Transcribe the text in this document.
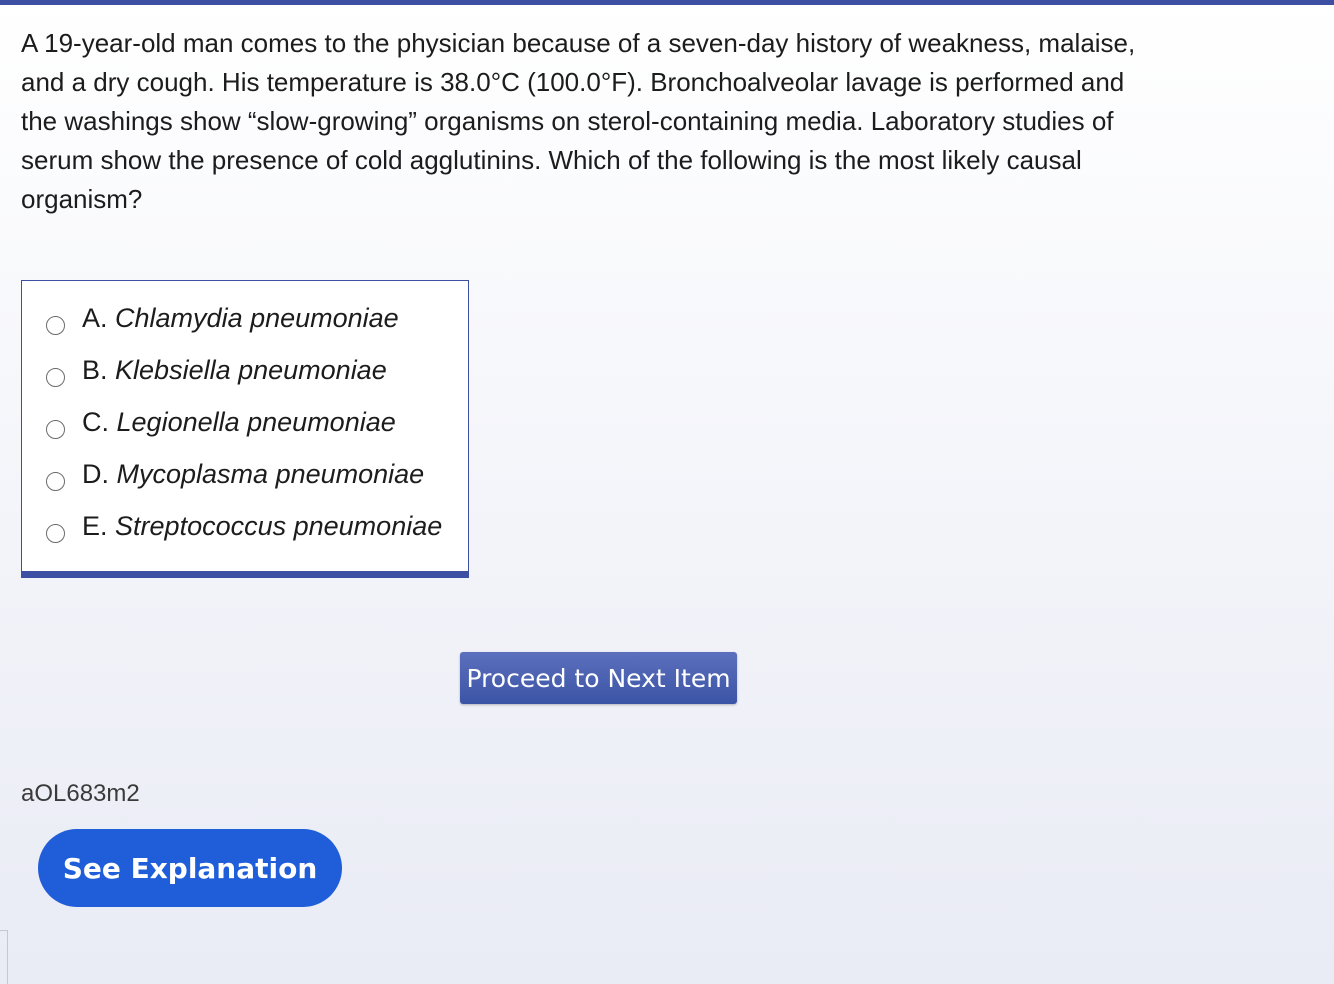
A 19-year-old man comes to the physician because of a seven-day history of weakness, malaise, and a dry cough. His temperature is 38.0°C (100.0°F). Bronchoalveolar lavage is performed and the washings show “slow-growing” organisms on sterol-containing media. Laboratory studies of serum show the presence of cold agglutinins. Which of the following is the most likely causal organism?

A. Chlamydia pneumoniae
B. Klebsiella pneumoniae
C. Legionella pneumoniae
D. Mycoplasma pneumoniae
E. Streptococcus pneumoniae
Proceed to Next Item
aOL683m2
See Explanation
